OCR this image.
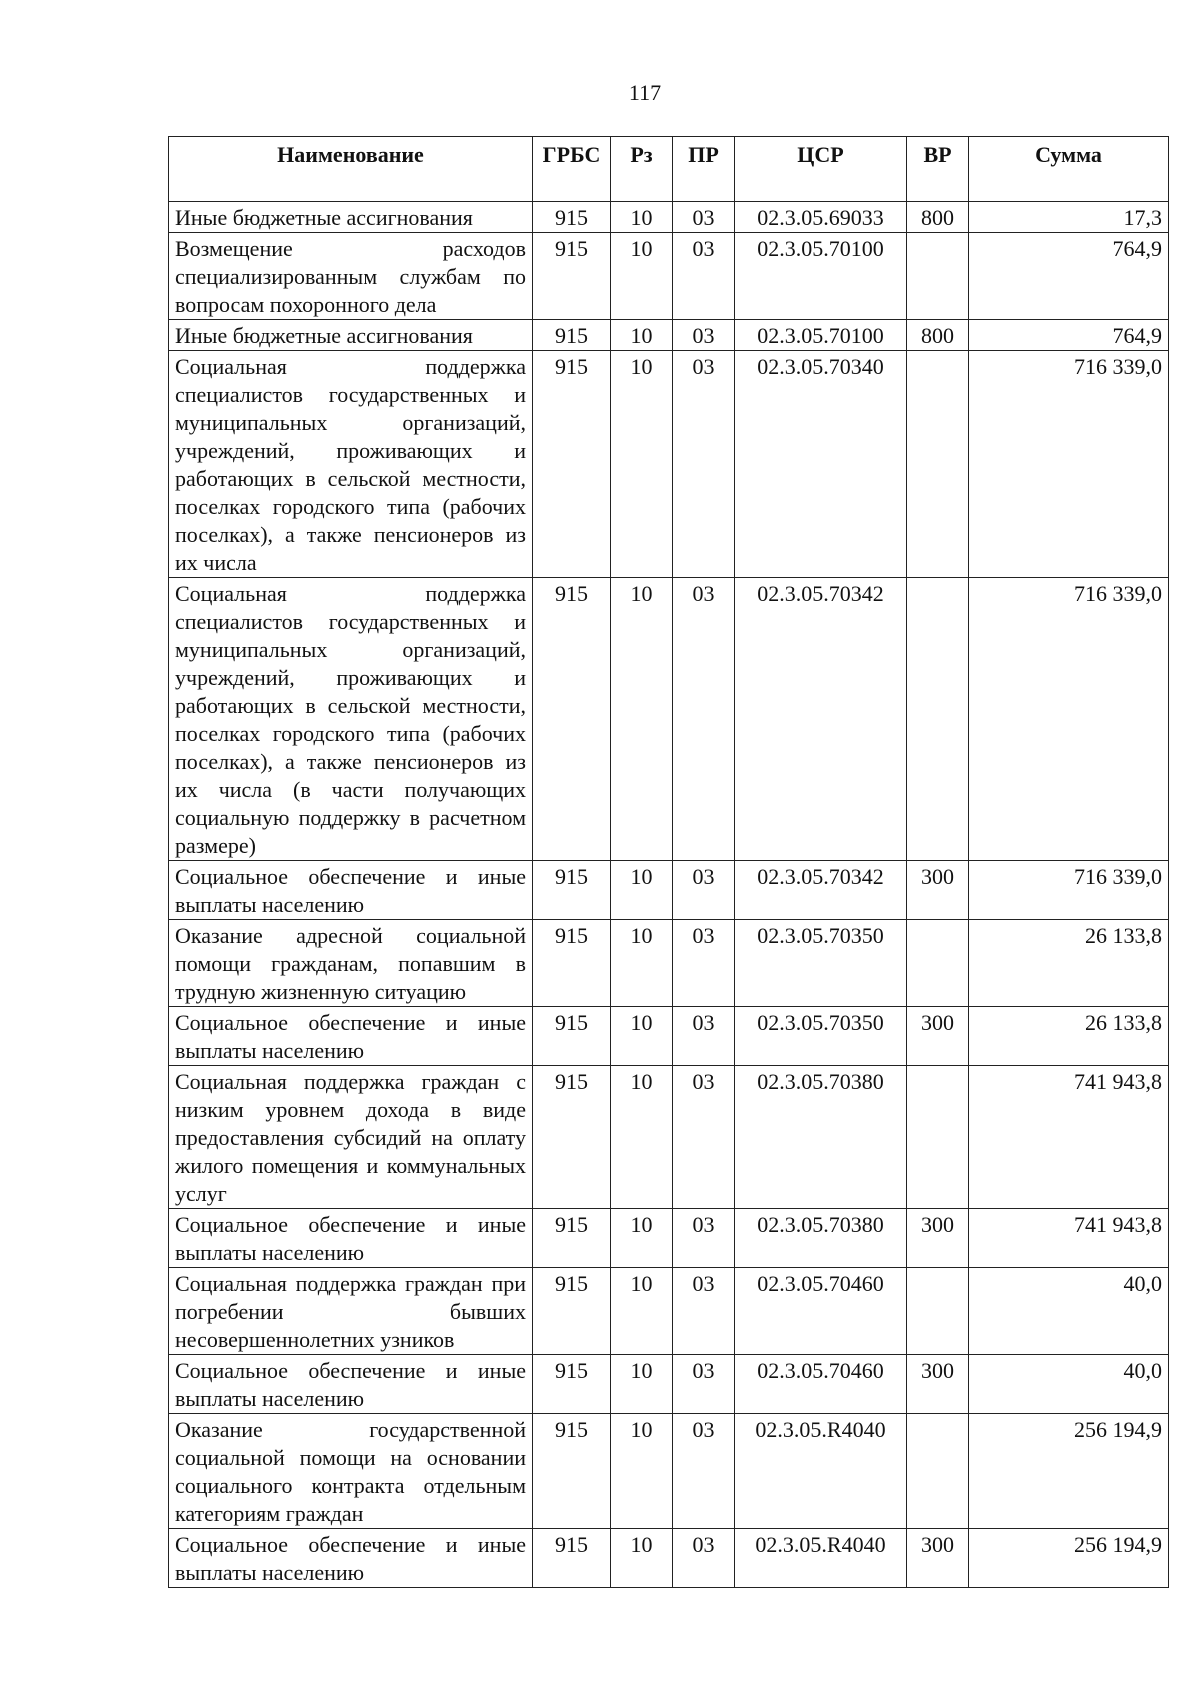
117
Наименование	ГРБС	Рз	ПР	ЦСР	ВР	Сумма
Иные бюджетные ассигнования	915	10	03	02.3.05.69033	800	17,3
Возмещение расходов специализированным службам по вопросам похоронного дела	915	10	03	02.3.05.70100		764,9
Иные бюджетные ассигнования	915	10	03	02.3.05.70100	800	764,9
Социальная поддержка специалистов государственных и муниципальных организаций, учреждений, проживающих и работающих в сельской местности, поселках городского типа (рабочих поселках), а также пенсионеров из их числа	915	10	03	02.3.05.70340		716 339,0
Социальная поддержка специалистов государственных и муниципальных организаций, учреждений, проживающих и работающих в сельской местности, поселках городского типа (рабочих поселках), а также пенсионеров из их числа (в части получающих социальную поддержку в расчетном размере)	915	10	03	02.3.05.70342		716 339,0
Социальное обеспечение и иные выплаты населению	915	10	03	02.3.05.70342	300	716 339,0
Оказание адресной социальной помощи гражданам, попавшим в трудную жизненную ситуацию	915	10	03	02.3.05.70350		26 133,8
Социальное обеспечение и иные выплаты населению	915	10	03	02.3.05.70350	300	26 133,8
Социальная поддержка граждан с низким уровнем дохода в виде предоставления субсидий на оплату жилого помещения и коммунальных услуг	915	10	03	02.3.05.70380		741 943,8
Социальное обеспечение и иные выплаты населению	915	10	03	02.3.05.70380	300	741 943,8
Социальная поддержка граждан при погребении бывших несовершеннолетних узников	915	10	03	02.3.05.70460		40,0
Социальное обеспечение и иные выплаты населению	915	10	03	02.3.05.70460	300	40,0
Оказание государственной социальной помощи на основании социального контракта отдельным категориям граждан	915	10	03	02.3.05.R4040		256 194,9
Социальное обеспечение и иные выплаты населению	915	10	03	02.3.05.R4040	300	256 194,9
